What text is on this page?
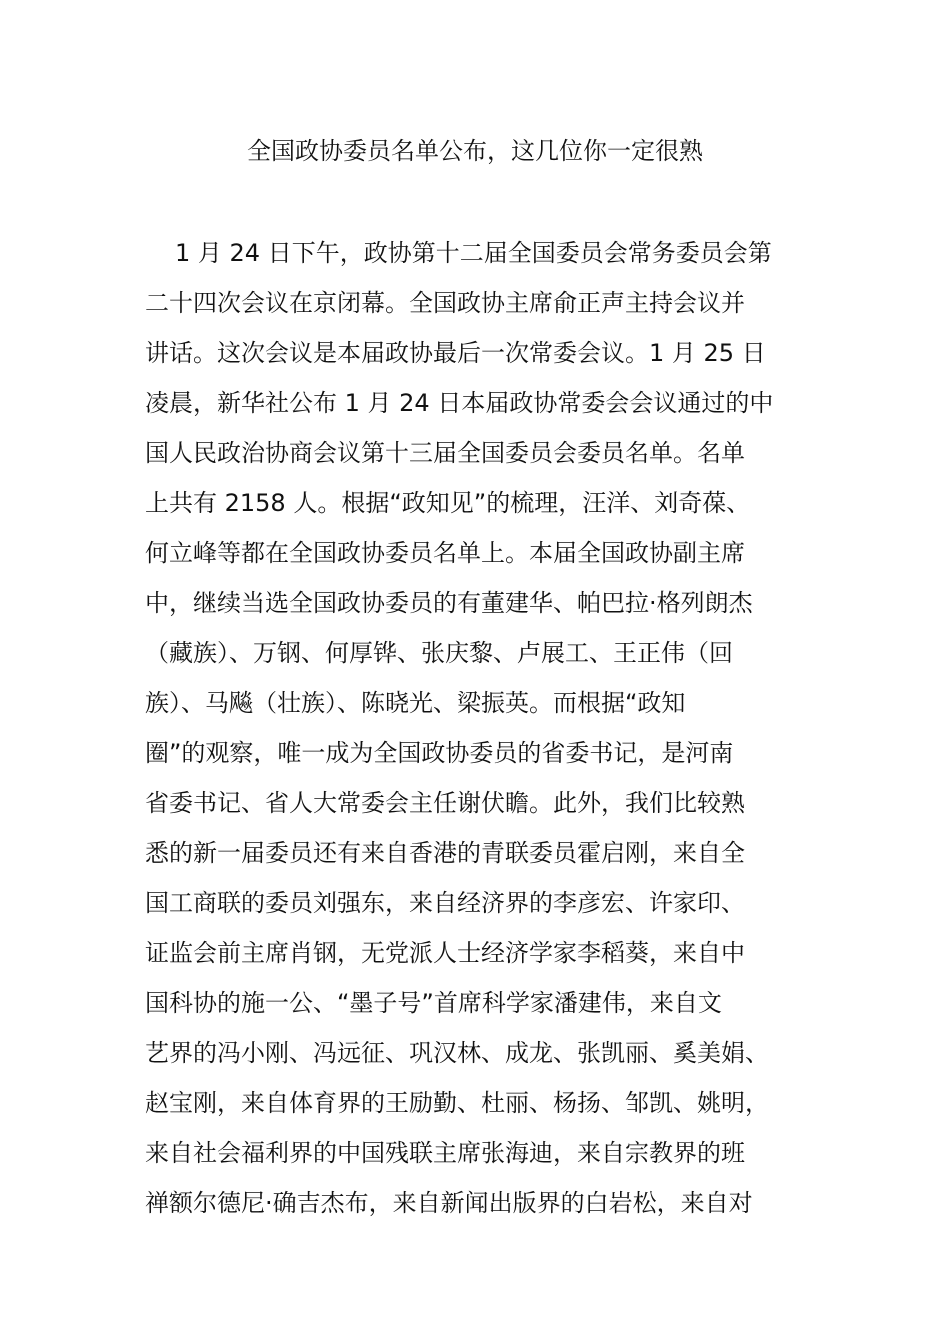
全国政协委员名单公布，这几位你一定很熟
1 月 24 日下午，政协第十二届全国委员会常务委员会第
二十四次会议在京闭幕。全国政协主席俞正声主持会议并
讲话。这次会议是本届政协最后一次常委会议。1 月 25 日
凌晨，新华社公布 1 月 24 日本届政协常委会会议通过的中
国人民政治协商会议第十三届全国委员会委员名单。名单
上共有 2158 人。根据“政知见”的梳理，汪洋、刘奇葆、
何立峰等都在全国政协委员名单上。本届全国政协副主席
中，继续当选全国政协委员的有董建华、帕巴拉·格列朗杰
（藏族）、万钢、何厚铧、张庆黎、卢展工、王正伟（回
族）、马飚（壮族）、陈晓光、梁振英。而根据“政知
圈”的观察，唯一成为全国政协委员的省委书记，是河南
省委书记、省人大常委会主任谢伏瞻。此外，我们比较熟
悉的新一届委员还有来自香港的青联委员霍启刚，来自全
国工商联的委员刘强东，来自经济界的李彦宏、许家印、
证监会前主席肖钢，无党派人士经济学家李稻葵，来自中
国科协的施一公、“墨子号”首席科学家潘建伟，来自文
艺界的冯小刚、冯远征、巩汉林、成龙、张凯丽、奚美娟、
赵宝刚，来自体育界的王励勤、杜丽、杨扬、邹凯、姚明，
来自社会福利界的中国残联主席张海迪，来自宗教界的班
禅额尔德尼·确吉杰布，来自新闻出版界的白岩松，来自对
